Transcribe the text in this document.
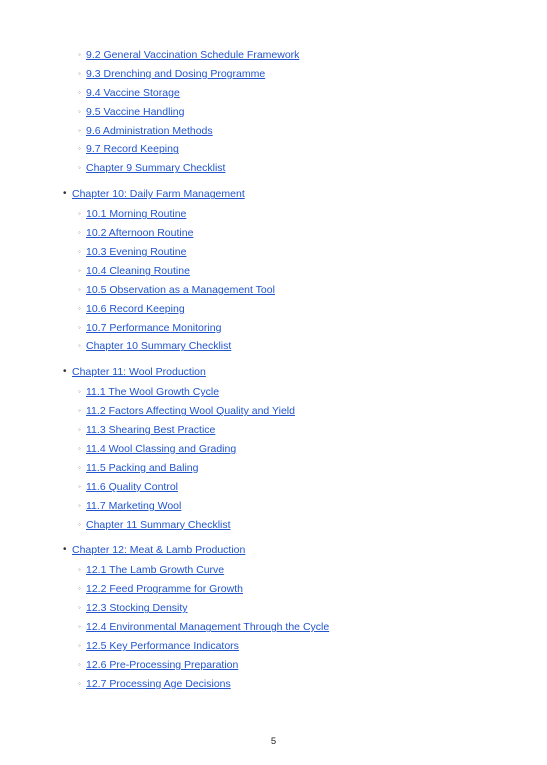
◦ 9.2 General Vaccination Schedule Framework
◦ 9.3 Drenching and Dosing Programme
◦ 9.4 Vaccine Storage
◦ 9.5 Vaccine Handling
◦ 9.6 Administration Methods
◦ 9.7 Record Keeping
◦ Chapter 9 Summary Checklist
• Chapter 10: Daily Farm Management
◦ 10.1 Morning Routine
◦ 10.2 Afternoon Routine
◦ 10.3 Evening Routine
◦ 10.4 Cleaning Routine
◦ 10.5 Observation as a Management Tool
◦ 10.6 Record Keeping
◦ 10.7 Performance Monitoring
◦ Chapter 10 Summary Checklist
• Chapter 11: Wool Production
◦ 11.1 The Wool Growth Cycle
◦ 11.2 Factors Affecting Wool Quality and Yield
◦ 11.3 Shearing Best Practice
◦ 11.4 Wool Classing and Grading
◦ 11.5 Packing and Baling
◦ 11.6 Quality Control
◦ 11.7 Marketing Wool
◦ Chapter 11 Summary Checklist
• Chapter 12: Meat & Lamb Production
◦ 12.1 The Lamb Growth Curve
◦ 12.2 Feed Programme for Growth
◦ 12.3 Stocking Density
◦ 12.4 Environmental Management Through the Cycle
◦ 12.5 Key Performance Indicators
◦ 12.6 Pre-Processing Preparation
◦ 12.7 Processing Age Decisions
5
